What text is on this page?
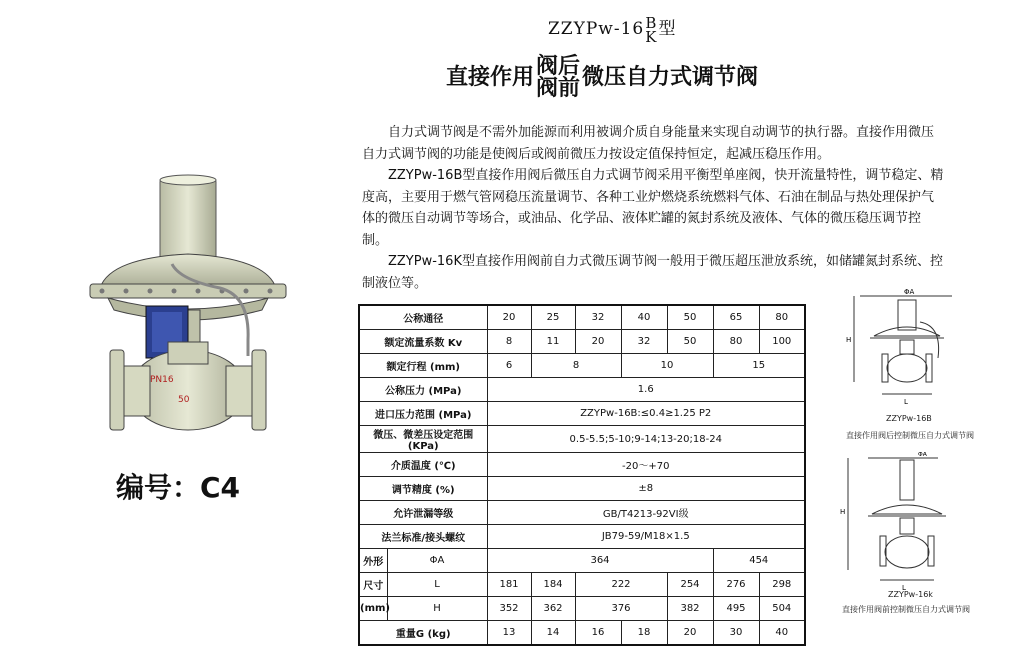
ZZYPw-16B
K型
直接作用阀后
阀前微压自力式调节阀

自力式调节阀是不需外加能源而利用被调介质自身能量来实现自动调节的执行器。直接作用微压自力式调节阀的功能是使阀后或阀前微压力按设定值保持恒定，起减压稳压作用。

ZZYPw-16B型直接作用阀后微压自力式调节阀采用平衡型单座阀，快开流量特性，调节稳定、精度高，主要用于燃气管网稳压流量调节、各种工业炉燃烧系统燃料气体、石油在制品与热处理保护气体的微压自动调节等场合，或油品、化学品、液体贮罐的氮封系统及液体、气体的微压稳压调节控制。

ZZYPw-16K型直接作用阀前自力式微压调节阀一般用于微压超压泄放系统，如储罐氮封系统、控制液位等。

PN16
50
编号：C4
公称通径		20	25	32	40	50	65	80
额定流量系数 Kv		8	11	20	32	50	80	100
额定行程 (mm)		6	8		10		15	
公称压力 (MPa)		1.6						
进口压力范围 (MPa)		ZZYPw-16B:≤0.4≥1.25 P2						
微压、微差压设定范围 (KPa)		0.5-5.5;5-10;9-14;13-20;18-24						
介质温度 (℃)		-20～+70						
调节精度 (%)		±8						
允许泄漏等级		GB/T4213-92VI级						
法兰标准/接头螺纹		JB79-59/M18×1.5						
外形	ΦA	364					454	
尺寸	L	181	184	222		254	276	298
(mm)	H	352	362	376		382	495	504
重量G (kg)		13	14	16	18	20	30	40
ΦA
H
L
ZZYPw-16B
直接作用阀后控制微压自力式调节阀
H
L
ΦA
ZZYPw-16k
直接作用阀前控制微压自力式调节阀
